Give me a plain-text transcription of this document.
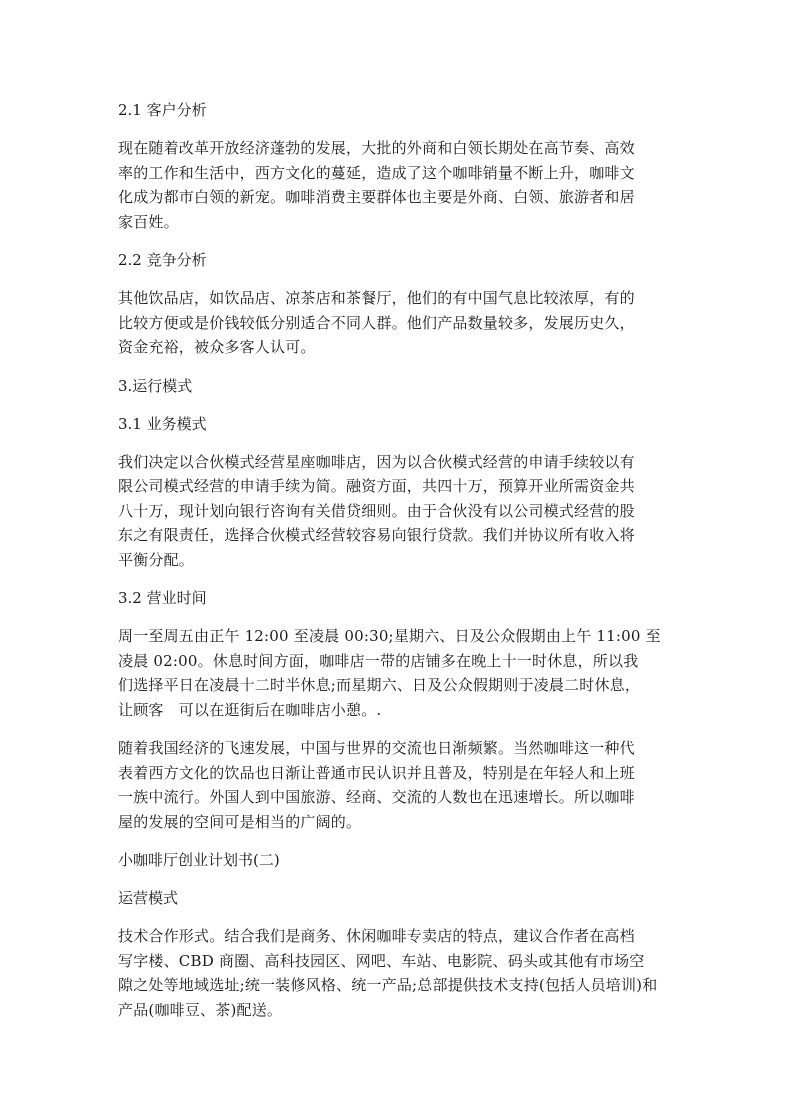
2.1 客户分析
现在随着改革开放经济蓬勃的发展，大批的外商和白领长期处在高节奏、高效
率的工作和生活中，西方文化的蔓延，造成了这个咖啡销量不断上升，咖啡文
化成为都市白领的新宠。咖啡消费主要群体也主要是外商、白领、旅游者和居
家百姓。
2.2 竞争分析
其他饮品店，如饮品店、凉茶店和茶餐厅，他们的有中国气息比较浓厚，有的
比较方便或是价钱较低分别适合不同人群。他们产品数量较多，发展历史久，
资金充裕，被众多客人认可。
3.运行模式
3.1 业务模式
我们决定以合伙模式经营星座咖啡店，因为以合伙模式经营的申请手续较以有
限公司模式经营的申请手续为简。融资方面，共四十万，预算开业所需资金共
八十万，现计划向银行咨询有关借贷细则。由于合伙没有以公司模式经营的股
东之有限责任，选择合伙模式经营较容易向银行贷款。我们并协议所有收入将
平衡分配。
3.2 营业时间
周一至周五由正午 12:00 至凌晨 00:30;星期六、日及公众假期由上午 11:00 至
凌晨 02:00。休息时间方面，咖啡店一带的店铺多在晚上十一时休息，所以我
们选择平日在凌晨十二时半休息;而星期六、日及公众假期则于凌晨二时休息，
让顾客　可以在逛街后在咖啡店小憩。.
随着我国经济的飞速发展，中国与世界的交流也日渐频繁。当然咖啡这一种代
表着西方文化的饮品也日渐让普通市民认识并且普及，特别是在年轻人和上班
一族中流行。外国人到中国旅游、经商、交流的人数也在迅速增长。所以咖啡
屋的发展的空间可是相当的广阔的。
小咖啡厅创业计划书(二)
运营模式
技术合作形式。结合我们是商务、休闲咖啡专卖店的特点，建议合作者在高档
写字楼、CBD 商圈、高科技园区、网吧、车站、电影院、码头或其他有市场空
隙之处等地域选址;统一装修风格、统一产品;总部提供技术支持(包括人员培训)和
产品(咖啡豆、茶)配送。
